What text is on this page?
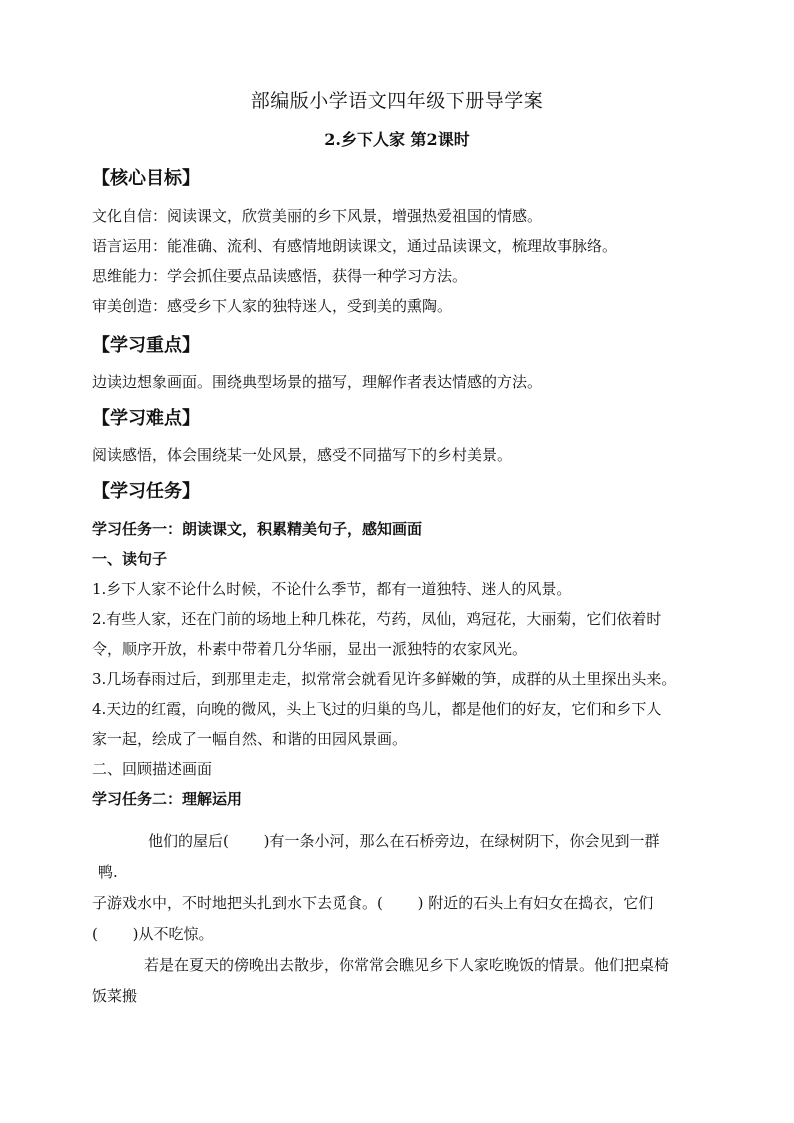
部编版小学语文四年级下册导学案
2.乡下人家 第2课时
【核心目标】
文化自信：阅读课文，欣赏美丽的乡下风景，增强热爱祖国的情感。
语言运用：能准确、流利、有感情地朗读课文，通过品读课文，梳理故事脉络。
思维能力：学会抓住要点品读感悟，获得一种学习方法。
审美创造：感受乡下人家的独特迷人，受到美的熏陶。
【学习重点】
边读边想象画面。围绕典型场景的描写，理解作者表达情感的方法。
【学习难点】
阅读感悟，体会围绕某一处风景，感受不同描写下的乡村美景。
【学习任务】
学习任务一：朗读课文，积累精美句子，感知画面
一、读句子
1.乡下人家不论什么时候，不论什么季节，都有一道独特、迷人的风景。
2.有些人家，还在门前的场地上种几株花，芍药，凤仙，鸡冠花，大丽菊，它们依着时
令，顺序开放，朴素中带着几分华丽，显出一派独特的农家风光。
3.几场春雨过后，到那里走走，拟常常会就看见许多鲜嫩的笋，成群的从土里探出头来。
4.天边的红霞，向晚的微风，头上飞过的归巢的鸟儿，都是他们的好友，它们和乡下人
家一起，绘成了一幅自然、和谐的田园风景画。
二、回顾描述画面
学习任务二：理解运用
他们的屋后(　　 )有一条小河，那么在石桥旁边，在绿树阴下，你会见到一群
鸭.
子游戏水中，不时地把头扎到水下去觅食。(　　 ) 附近的石头上有妇女在捣衣，它们
(　　 )从不吃惊。
若是在夏天的傍晚出去散步，你常常会瞧见乡下人家吃晚饭的情景。他们把桌椅
饭菜搬
